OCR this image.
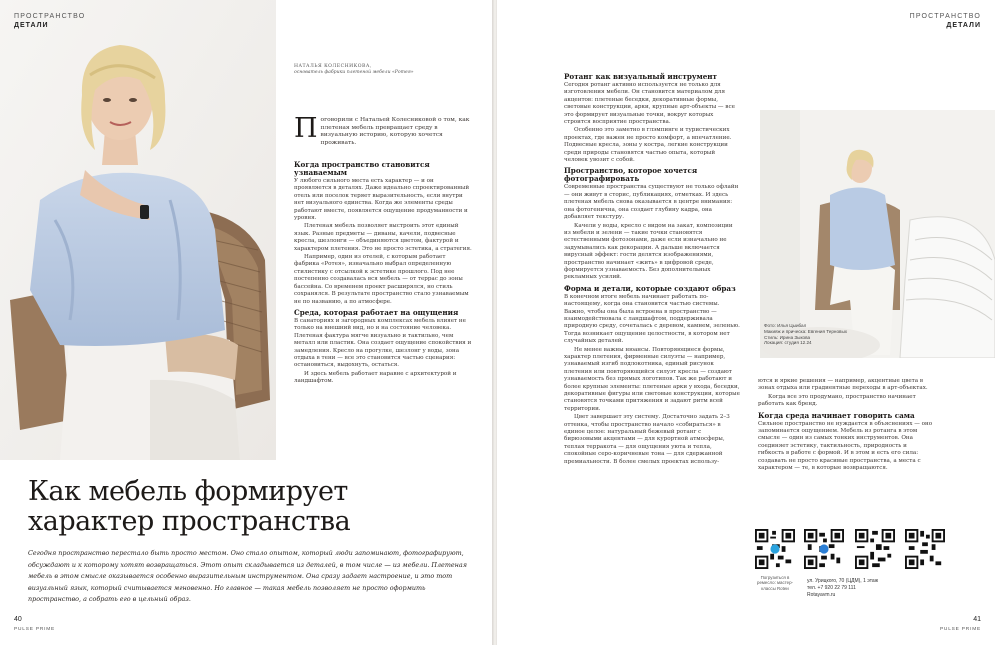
ПРОСТРАНСТВО
ДЕТАЛИ
НАТАЛЬЯ КОЛЕСНИКОВА,
основатель фабрики плетеной мебели «Ротея»
П оговорили с Натальей Колесниковой о том, как плетеная мебель превращает среду в визуальную историю, которую хочется проживать.
Когда пространство становится узнаваемым

У любого сильного места есть характер — и он проявляется в деталях. Даже идеально спроектированный отель или поселок теряет выразительность, если внутри нет визуального единства. Когда же элементы среды работают вместе, появляется ощущение продуманности и уровня.

Плетеная мебель позволяет выстроить этот единый язык. Разные предметы — диваны, качели, подвесные кресла, шезлонги — объединяются цветом, фактурой и характером плетения. Это не просто эстетика, а стратегия.

Например, один из отелей, с которым работает фабрика «Ротея», изначально выбрал определенную стилистику с отсылкой к эстетике прошлого. Под нее постепенно создавалась вся мебель — от террас до зоны бассейна. Со временем проект расширялся, но стиль сохранялся. В результате пространство стало узнаваемым не по названию, а по атмосфере.

Среда, которая работает на ощущения

В санаториях и загородных комплексах мебель влияет не только на внешний вид, но и на состояние человека. Плетеная фактура мягче визуально и тактильно, чем металл или пластик. Она создает ощущение спокойствия и замедления. Кресло на прогулке, шезлонг у воды, зона отдыха в тени — все это становится частью сценария: остановиться, выдохнуть, остаться.

И здесь мебель работает наравне с архитектурой и ландшафтом.

Как мебель формирует характер пространства
Сегодня пространство перестало быть просто местом. Оно стало опытом, который люди запоминают, фотографируют, обсуждают и к которому хотят возвращаться. Этот опыт складывается из деталей, в том числе — из мебели. Плетеная мебель в этом смысле оказывается особенно выразительным инструментом. Она сразу задает настроение, и это тот визуальный язык, который считывается мгновенно. Но главное — такая мебель позволяет не просто оформить пространство, а собрать его в цельный образ.
40
PULSE PRIME
ПРОСТРАНСТВО
ДЕТАЛИ
Ротанг как визуальный инструмент

Сегодня ротанг активно используется не только для изготовления мебели. Он становится материалом для акцентов: плетеные беседки, декоративные формы, световые конструкции, арки, крупные арт-объекты — все это формирует визуальные точки, вокруг которых строится восприятие пространства.

Особенно это заметно в глэмпинге и туристических проектах, где важен не просто комфорт, а впечатление. Подвесные кресла, зоны у костра, легкие конструкции среди природы становятся частью опыта, который человек увозит с собой.

Пространство, которое хочется фотографировать

Современные пространства существуют не только офлайн — они живут в сторис, публикациях, отметках. И здесь плетеная мебель снова оказывается в центре внимания: она фотогенична, она создает глубину кадра, она добавляет текстуру.

Качели у воды, кресло с видом на закат, композиции из мебели и зелени — такие точки становятся естественными фотозонами, даже если изначально не задумывались как декорации. А дальше включается вирусный эффект: гости делятся изображениями, пространство начинает «жить» в цифровой среде, формируется узнаваемость. Без дополнительных рекламных усилий.

Форма и детали, которые создают образ

В конечном итоге мебель начинает работать по-настоящему, когда она становится частью системы. Важно, чтобы она была встроена в пространство — взаимодействовала с ландшафтом, поддерживала природную среду, сочеталась с деревом, камнем, зеленью. Тогда возникает ощущение целостности, в котором нет случайных деталей.

Не менее важны нюансы. Повторяющиеся формы, характер плетения, фирменные силуэты — например, узнаваемый изгиб подлокотника, единый рисунок плетения или повторяющийся силуэт кресла — создают узнаваемость без прямых логотипов. Так же работают и более крупные элементы: плетеные арки у входа, беседки, декоративные фигуры или световые конструкции, которые становятся точками притяжения и задают ритм всей территории.

Цвет завершает эту систему. Достаточно задать 2–3 оттенка, чтобы пространство начало «собираться» в единое целое: натуральный бежевый ротанг с бирюзовыми акцентами — для курортной атмосферы, теплая терракота — для ощущения уюта и тепла, спокойные серо-коричневые тона — для сдержанной премиальности. В более смелых проектах использу-

Фото: Илья Цыибал
Макияж и прическа: Евгения Терновых
Стиль: Ирина Зыкова
Локация: студия 12.24

ются и яркие решения — например, акцентные цвета в зонах отдыха или градиентные переходы в арт-объектах.

Когда все это продумано, пространство начинает работать как бренд.

Когда среда начинает говорить сама

Сильное пространство не нуждается в объяснениях — оно запоминается ощущением. Мебель из ротанга в этом смысле — один из самых тонких инструментов. Она соединяет эстетику, тактильность, природность и гибкость в работе с формой. И в этом и есть его сила: создавать не просто красивые пространства, а места с характером — те, в которые возвращаются.

Погрузиться в ремесло: мастер-классы Rotеи
ул. Урицкого, 70 (ЦДМ), 1 этаж
тел. +7 920 22 79 111
Rotayavm.ru
41
PULSE PRIME
